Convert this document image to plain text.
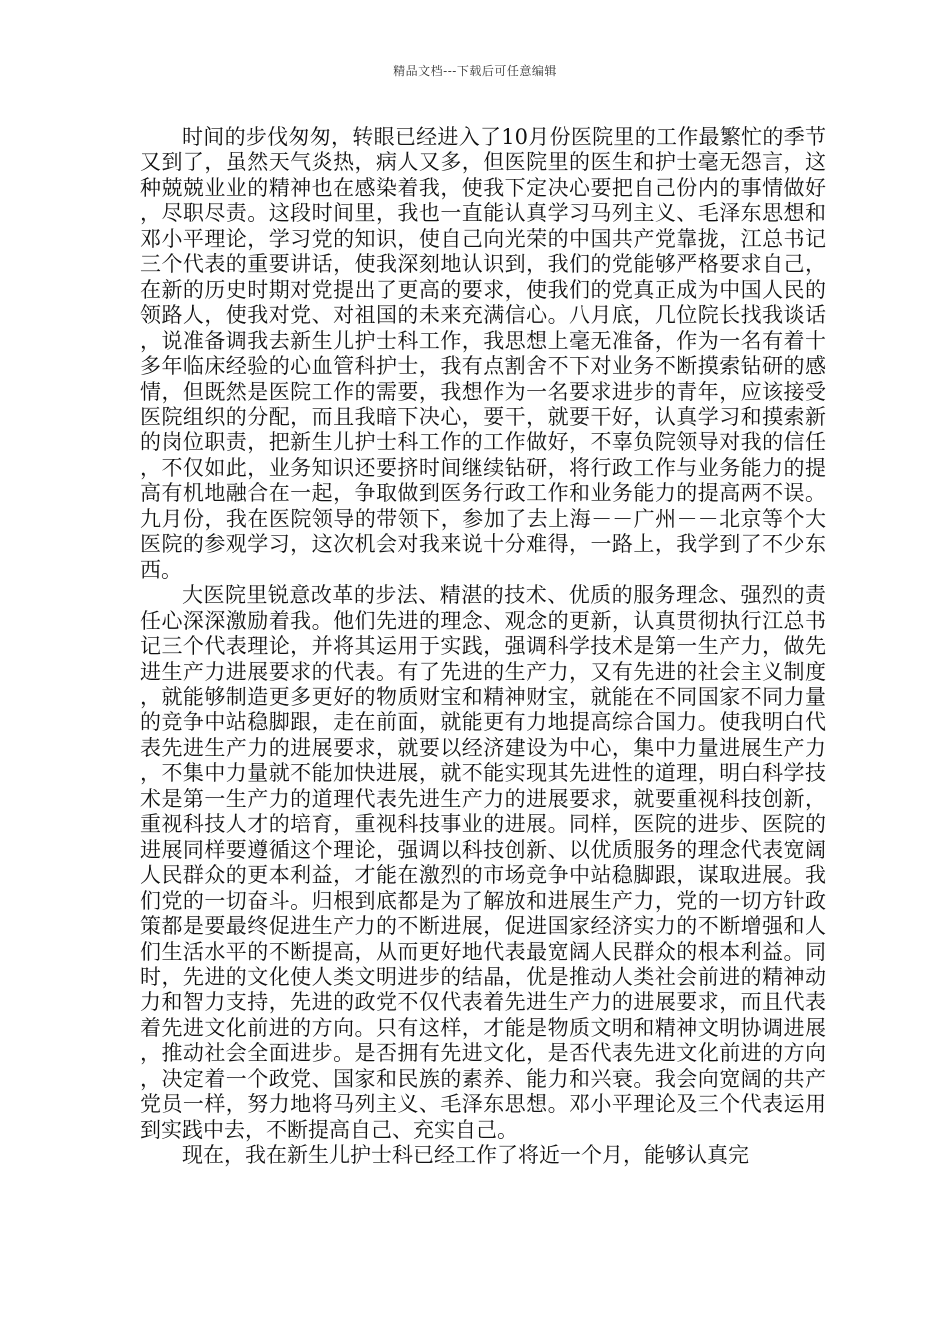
精品文档---下载后可任意编辑

时间的步伐匆匆，转眼已经进入了10月份医院里的工作最繁忙的季节又到了，虽然天气炎热，病人又多，但医院里的医生和护士毫无怨言，这种兢兢业业的精神也在感染着我，使我下定决心要把自己份内的事情做好，尽职尽责。这段时间里，我也一直能认真学习马列主义、毛泽东思想和邓小平理论，学习党的知识，使自己向光荣的中国共产党靠拢，江总书记三个代表的重要讲话，使我深刻地认识到，我们的党能够严格要求自己，在新的历史时期对党提出了更高的要求，使我们的党真正成为中国人民的领路人，使我对党、对祖国的未来充满信心。八月底，几位院长找我谈话，说准备调我去新生儿护士科工作，我思想上毫无准备，作为一名有着十多年临床经验的心血管科护士，我有点割舍不下对业务不断摸索钻研的感情，但既然是医院工作的需要，我想作为一名要求进步的青年，应该接受医院组织的分配，而且我暗下决心，要干，就要干好，认真学习和摸索新的岗位职责，把新生儿护士科工作的工作做好，不辜负院领导对我的信任，不仅如此，业务知识还要挤时间继续钻研，将行政工作与业务能力的提高有机地融合在一起，争取做到医务行政工作和业务能力的提高两不误。九月份，我在医院领导的带领下，参加了去上海－－广州－－北京等个大医院的参观学习，这次机会对我来说十分难得，一路上，我学到了不少东西。

大医院里锐意改革的步法、精湛的技术、优质的服务理念、强烈的责任心深深激励着我。他们先进的理念、观念的更新，认真贯彻执行江总书记三个代表理论，并将其运用于实践，强调科学技术是第一生产力，做先进生产力进展要求的代表。有了先进的生产力，又有先进的社会主义制度，就能够制造更多更好的物质财宝和精神财宝，就能在不同国家不同力量的竞争中站稳脚跟，走在前面，就能更有力地提高综合国力。使我明白代表先进生产力的进展要求，就要以经济建设为中心，集中力量进展生产力，不集中力量就不能加快进展，就不能实现其先进性的道理，明白科学技术是第一生产力的道理代表先进生产力的进展要求，就要重视科技创新，重视科技人才的培育，重视科技事业的进展。同样，医院的进步、医院的进展同样要遵循这个理论，强调以科技创新、以优质服务的理念代表宽阔人民群众的更本利益，才能在激烈的市场竞争中站稳脚跟，谋取进展。我们党的一切奋斗。归根到底都是为了解放和进展生产力，党的一切方针政策都是要最终促进生产力的不断进展，促进国家经济实力的不断增强和人们生活水平的不断提高，从而更好地代表最宽阔人民群众的根本利益。同时，先进的文化使人类文明进步的结晶，优是推动人类社会前进的精神动力和智力支持，先进的政党不仅代表着先进生产力的进展要求，而且代表着先进文化前进的方向。只有这样，才能是物质文明和精神文明协调进展，推动社会全面进步。是否拥有先进文化，是否代表先进文化前进的方向，决定着一个政党、国家和民族的素养、能力和兴衰。我会向宽阔的共产党员一样，努力地将马列主义、毛泽东思想。邓小平理论及三个代表运用到实践中去，不断提高自己、充实自己。

现在，我在新生儿护士科已经工作了将近一个月，能够认真完
